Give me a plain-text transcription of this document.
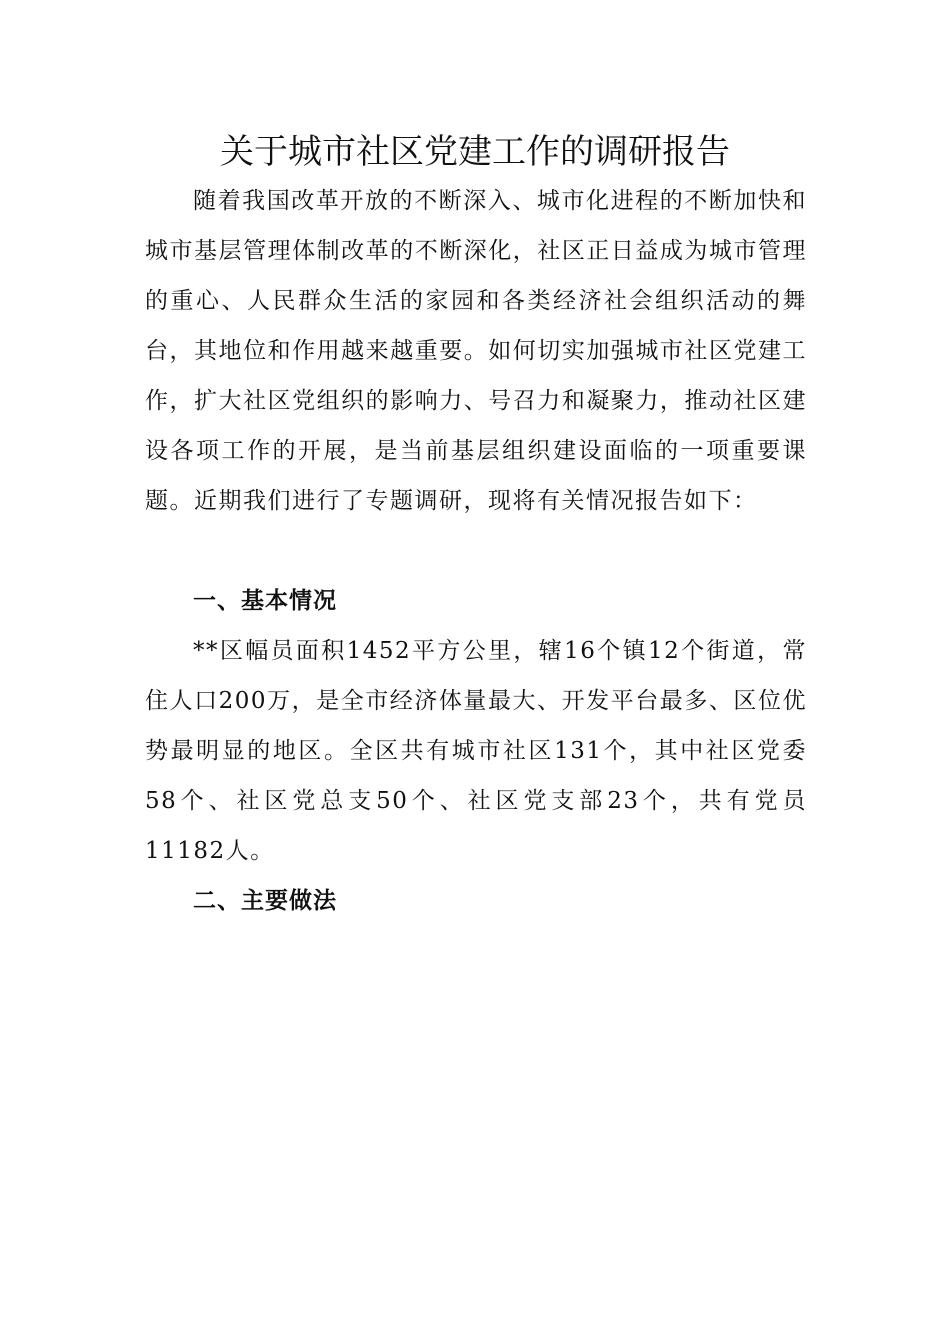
关于城市社区党建工作的调研报告

随着我国改革开放的不断深入、城市化进程的不断加快和城市基层管理体制改革的不断深化，社区正日益成为城市管理的重心、人民群众生活的家园和各类经济社会组织活动的舞台，其地位和作用越来越重要。如何切实加强城市社区党建工作，扩大社区党组织的影响力、号召力和凝聚力，推动社区建设各项工作的开展，是当前基层组织建设面临的一项重要课题。近期我们进行了专题调研，现将有关情况报告如下：

一、基本情况

**区幅员面积1452平方公里，辖16个镇12个街道，常住人口200万，是全市经济体量最大、开发平台最多、区位优势最明显的地区。全区共有城市社区131个，其中社区党委58个、社区党总支50个、社区党支部23个，共有党员11182人。

二、主要做法
